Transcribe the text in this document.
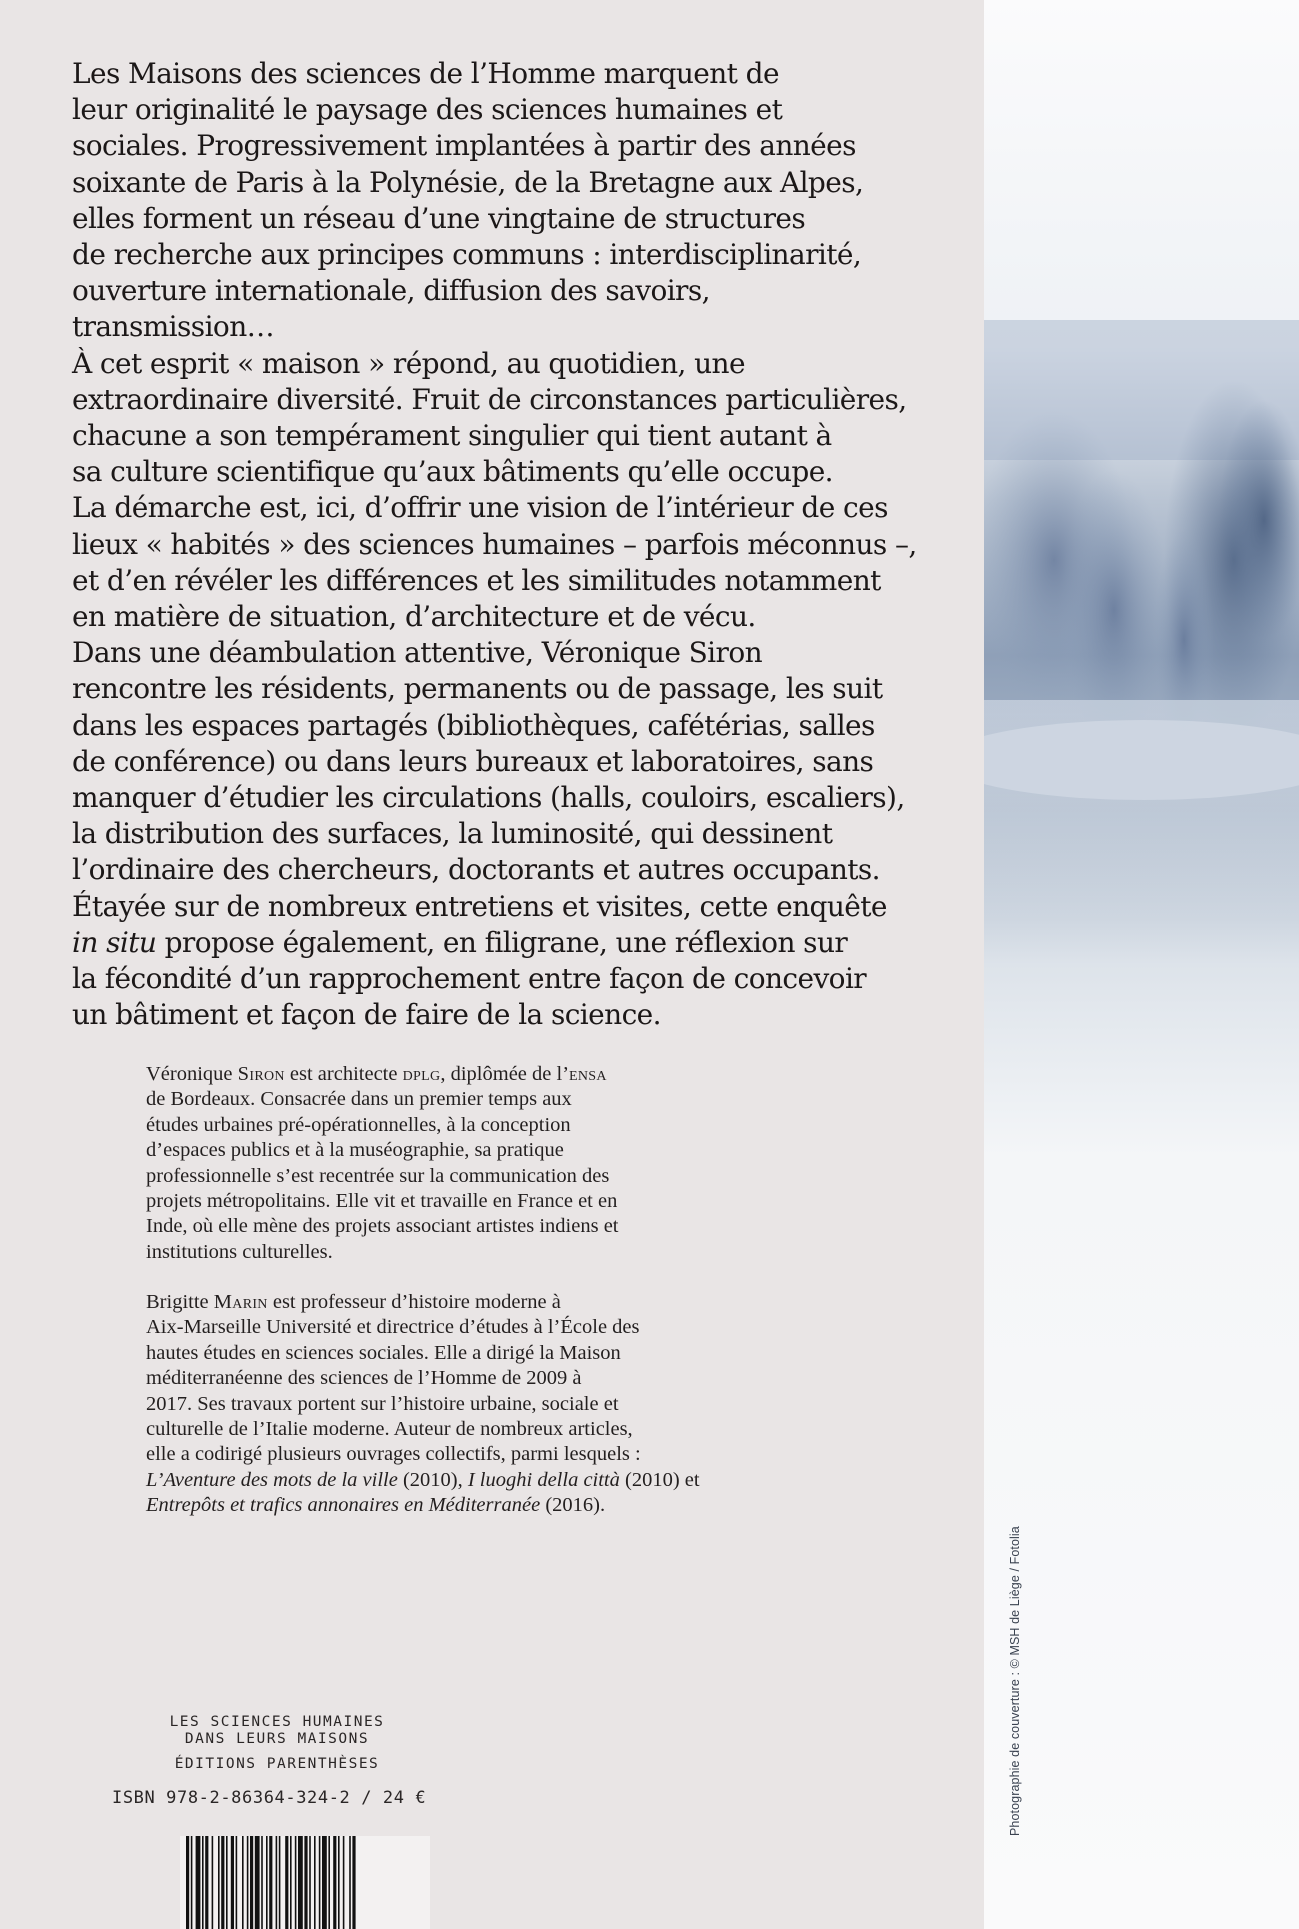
Les Maisons des sciences de l’Homme marquent de
leur originalité le paysage des sciences humaines et
sociales. Progressivement implantées à partir des années
soixante de Paris à la Polynésie, de la Bretagne aux Alpes,
elles forment un réseau d’une vingtaine de structures
de recherche aux principes communs : interdisciplinarité,
ouverture internationale, diffusion des savoirs,
transmission…

À cet esprit « maison » répond, au quotidien, une
extraordinaire diversité. Fruit de circonstances particulières,
chacune a son tempérament singulier qui tient autant à
sa culture scientifique qu’aux bâtiments qu’elle occupe.

La démarche est, ici, d’offrir une vision de l’intérieur de ces
lieux « habités » des sciences humaines – parfois méconnus –,
et d’en révéler les différences et les similitudes notamment
en matière de situation, d’architecture et de vécu.

Dans une déambulation attentive, Véronique Siron
rencontre les résidents, permanents ou de passage, les suit
dans les espaces partagés (bibliothèques, cafétérias, salles
de conférence) ou dans leurs bureaux et laboratoires, sans
manquer d’étudier les circulations (halls, couloirs, escaliers),
la distribution des surfaces, la luminosité, qui dessinent
l’ordinaire des chercheurs, doctorants et autres occupants.

Étayée sur de nombreux entretiens et visites, cette enquête
in situ propose également, en filigrane, une réflexion sur
la fécondité d’un rapprochement entre façon de concevoir
un bâtiment et façon de faire de la science.

Véronique Siron est architecte dplg, diplômée de l’ensa
de Bordeaux. Consacrée dans un premier temps aux
études urbaines pré-opérationnelles, à la conception
d’espaces publics et à la muséographie, sa pratique
professionnelle s’est recentrée sur la communication des
projets métropolitains. Elle vit et travaille en France et en
Inde, où elle mène des projets associant artistes indiens et
institutions culturelles.

Brigitte Marin est professeur d’histoire moderne à
Aix-Marseille Université et directrice d’études à l’École des
hautes études en sciences sociales. Elle a dirigé la Maison
méditerranéenne des sciences de l’Homme de 2009 à
2017. Ses travaux portent sur l’histoire urbaine, sociale et
culturelle de l’Italie moderne. Auteur de nombreux articles,
elle a codirigé plusieurs ouvrages collectifs, parmi lesquels :
L’Aventure des mots de la ville (2010), I luoghi della città (2010) et
Entrepôts et trafics annonaires en Méditerranée (2016).

LES SCIENCES HUMAINES
DANS LEURS MAISONS
ÉDITIONS PARENTHÈSES
ISBN 978-2-86364-324-2 / 24 €	Photographie de couverture : © MSH de Liège / Fotolia
